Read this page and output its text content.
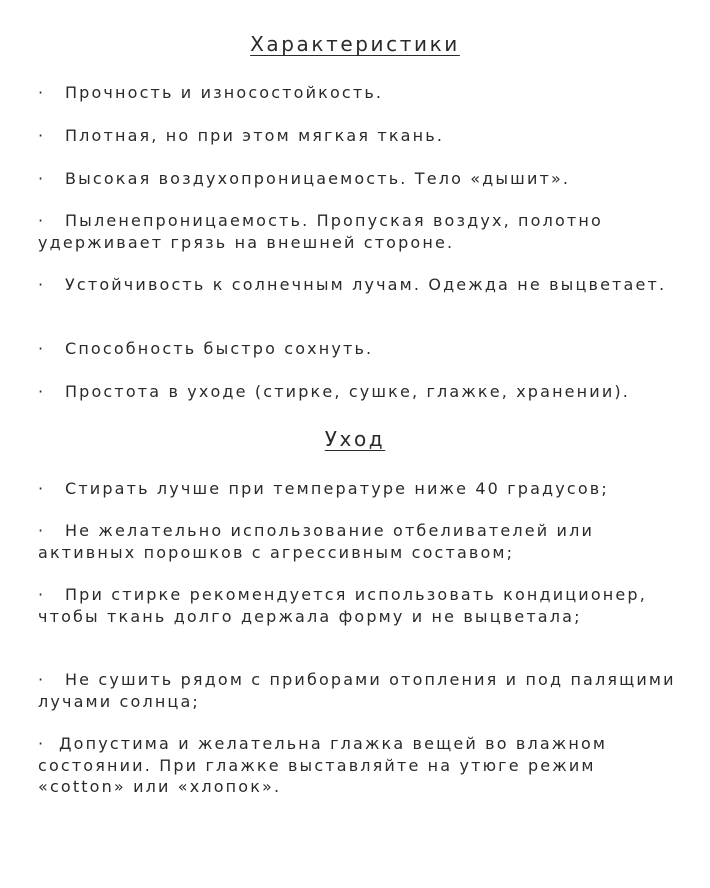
Характеристики
· Прочность и износостойкость.
· Плотная, но при этом мягкая ткань.
· Высокая воздухопроницаемость. Тело «дышит».
· Пыленепроницаемость. Пропуская воздух, полотно удерживает грязь на внешней стороне.
· Устойчивость к солнечным лучам. Одежда не выцветает.
· Способность быстро сохнуть.
· Простота в уходе (стирке, сушке, глажке, хранении).
Уход
· Стирать лучше при температуре ниже 40 градусов;
· Не желательно использование отбеливателей или активных порошков с агрессивным составом;
· При стирке рекомендуется использовать кондиционер, чтобы ткань долго держала форму и не выцветала;
· Не сушить рядом с приборами отопления и под палящими лучами солнца;
· Допустима и желательна глажка вещей во влажном состоянии. При глажке выставляйте на утюге режим «cotton» или «хлопок».
